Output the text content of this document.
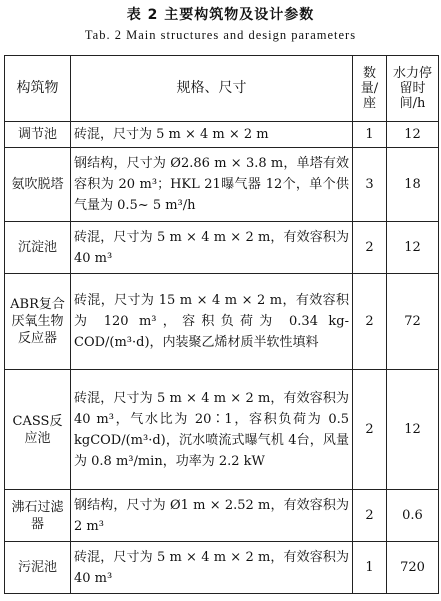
表 2 主要构筑物及设计参数
Tab. 2 Main structures and design parameters
构筑物	规格、尺寸	数量/座	水力停留时间/h
调节池	砖混，尺寸为 5 m × 4 m × 2 m	1	12
氨吹脱塔	钢结构，尺寸为 Ø2.86 m × 3.8 m，单塔有效容积为 20 m³；HKL 21曝气器 12个，单个供气量为 0.5~ 5 m³/h	3	18
沉淀池	砖混，尺寸为 5 m × 4 m × 2 m，有效容积为 40 m³	2	12
ABR复合厌氧生物反应器	砖混，尺寸为 15 m × 4 m × 2 m，有效容积为 120 m³，容积负荷为 0.34 kg-COD/(m³·d)，内装聚乙烯材质半软性填料	2	72
CASS反应池	砖混，尺寸为 5 m × 4 m × 2 m，有效容积为 40 m³，气水比为 20∶1，容积负荷为 0.5 kgCOD/(m³·d)，沉水喷流式曝气机 4台，风量为 0.8 m³/min，功率为 2.2 kW	2	12
沸石过滤器	钢结构，尺寸为 Ø1 m × 2.52 m，有效容积为 2 m³	2	0.6
污泥池	砖混，尺寸为 5 m × 4 m × 2 m，有效容积为 40 m³	1	720
